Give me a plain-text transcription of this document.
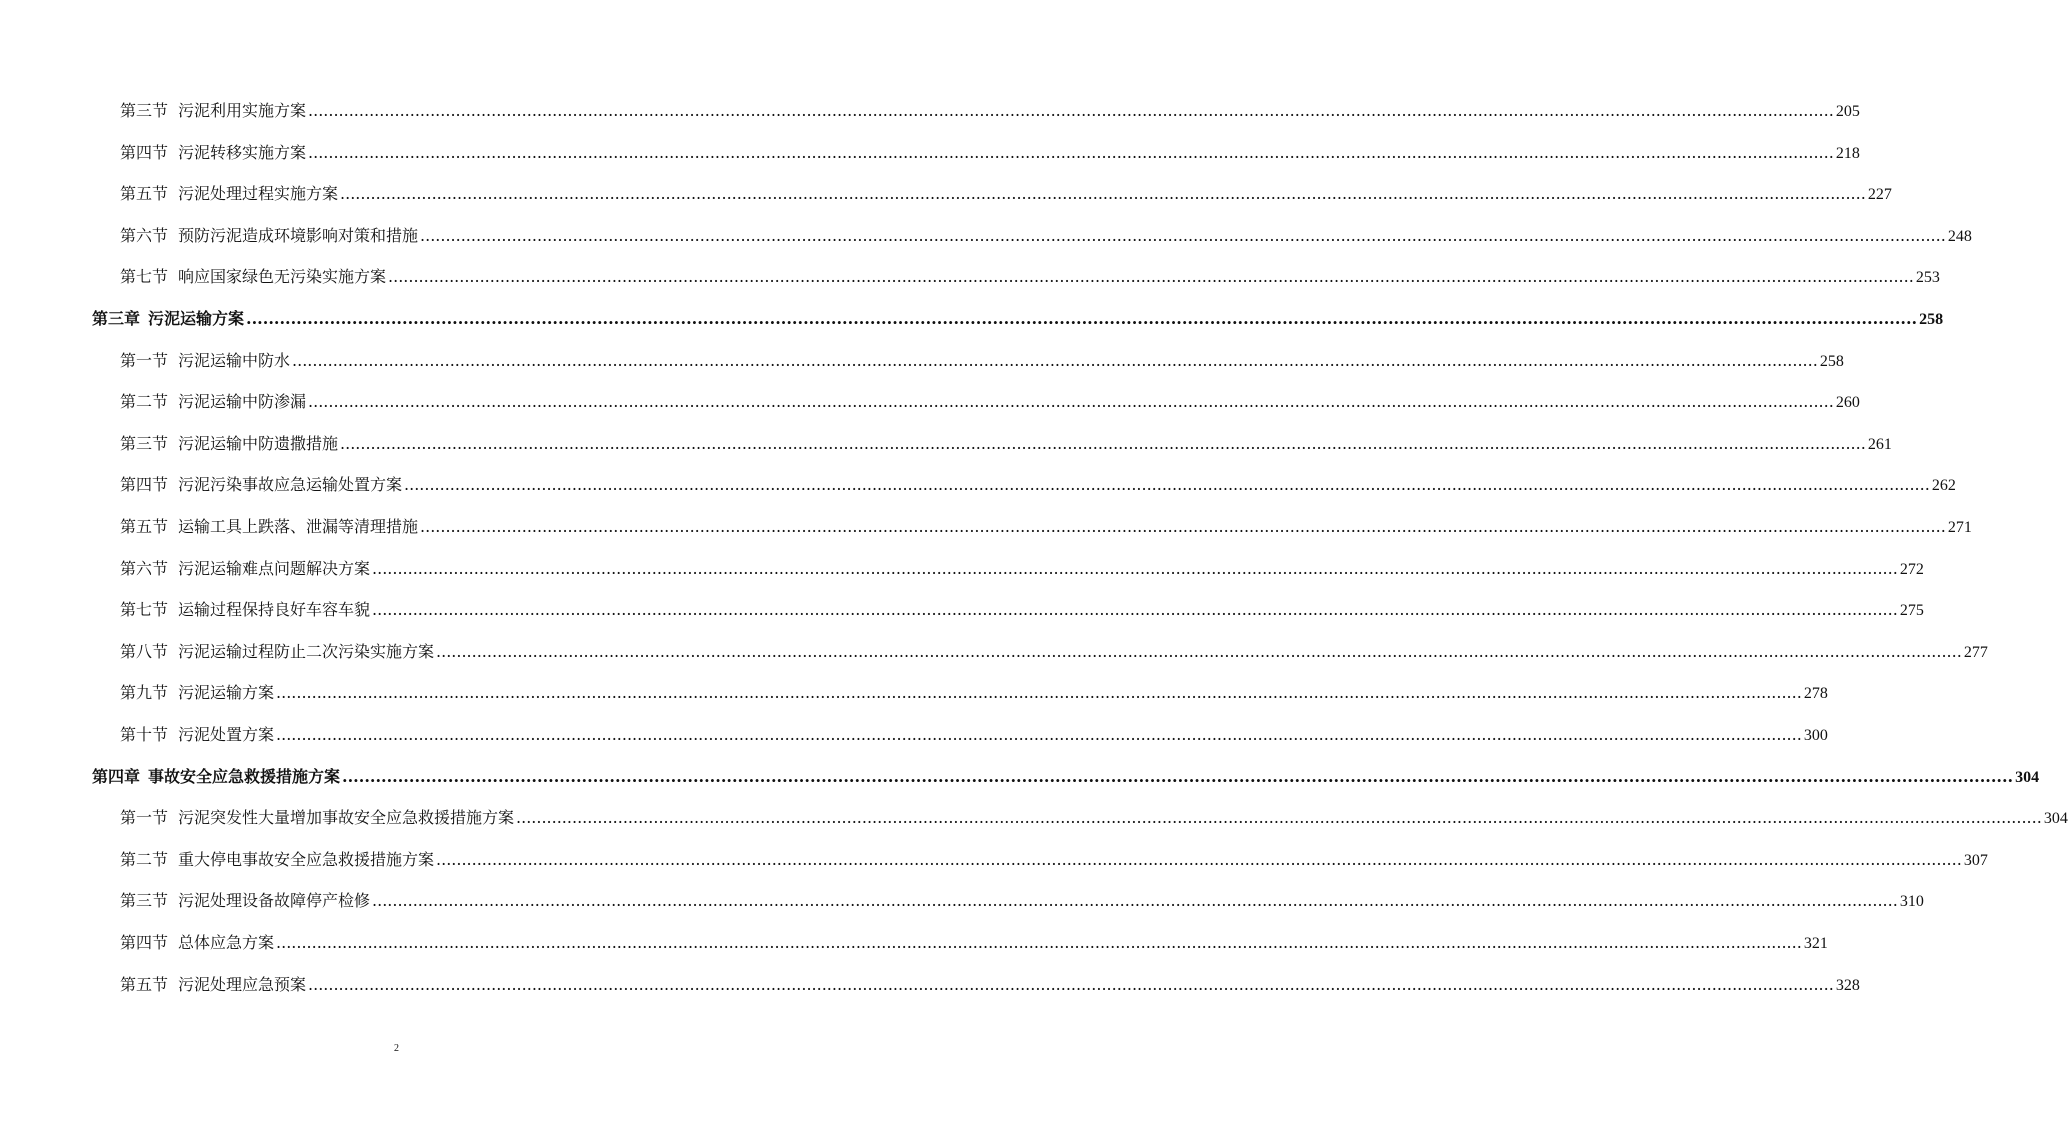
第三节 污泥利用实施方案 ............................................................................................................................................................................................................................................................................................................ 205
第四节 污泥转移实施方案 ............................................................................................................................................................................................................................................................................................................ 218
第五节 污泥处理过程实施方案 ............................................................................................................................................................................................................................................................................................................ 227
第六节 预防污泥造成环境影响对策和措施 ............................................................................................................................................................................................................................................................................................................ 248
第七节 响应国家绿色无污染实施方案 ............................................................................................................................................................................................................................................................................................................ 253
第三章 污泥运输方案 ............................................................................................................................................................................................................................................................................................................ 258
第一节 污泥运输中防水 ............................................................................................................................................................................................................................................................................................................ 258
第二节 污泥运输中防渗漏 ............................................................................................................................................................................................................................................................................................................ 260
第三节 污泥运输中防遗撒措施 ............................................................................................................................................................................................................................................................................................................ 261
第四节 污泥污染事故应急运输处置方案 ............................................................................................................................................................................................................................................................................................................ 262
第五节 运输工具上跌落、泄漏等清理措施 ............................................................................................................................................................................................................................................................................................................ 271
第六节 污泥运输难点问题解决方案 ............................................................................................................................................................................................................................................................................................................ 272
第七节 运输过程保持良好车容车貌 ............................................................................................................................................................................................................................................................................................................ 275
第八节 污泥运输过程防止二次污染实施方案 ............................................................................................................................................................................................................................................................................................................ 277
第九节 污泥运输方案 ............................................................................................................................................................................................................................................................................................................ 278
第十节 污泥处置方案 ............................................................................................................................................................................................................................................................................................................ 300
第四章 事故安全应急救援措施方案 ............................................................................................................................................................................................................................................................................................................ 304
第一节 污泥突发性大量增加事故安全应急救援措施方案 ............................................................................................................................................................................................................................................................................................................ 304
第二节 重大停电事故安全应急救援措施方案 ............................................................................................................................................................................................................................................................................................................ 307
第三节 污泥处理设备故障停产检修 ............................................................................................................................................................................................................................................................................................................ 310
第四节 总体应急方案 ............................................................................................................................................................................................................................................................................................................ 321
第五节 污泥处理应急预案 ............................................................................................................................................................................................................................................................................................................ 328
2
